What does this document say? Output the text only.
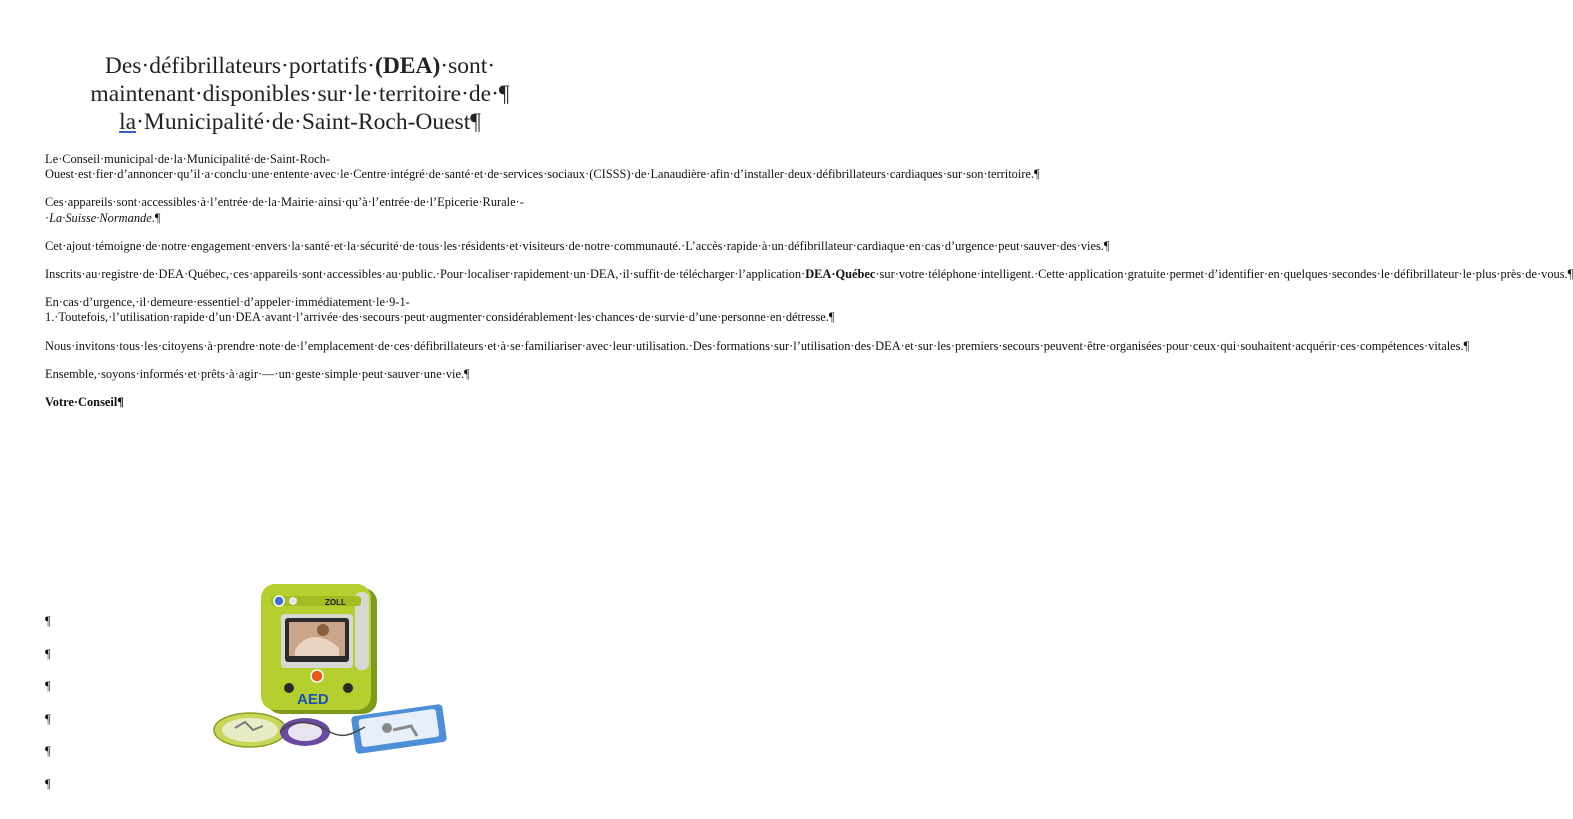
Des·défibrillateurs·portatifs·(DEA)·sont·
maintenant·disponibles·sur·le·territoire·de·¶
la·Municipalité·de·Saint-Roch-Ouest¶

Le·Conseil·municipal·de·la·Municipalité·de·Saint-Roch-Ouest·est·fier·d’annoncer·qu’il·a·conclu·une·entente·avec·le·Centre·intégré·de·santé·et·de·services·sociaux·(CISSS)·de·Lanaudière·afin·d’installer·deux·défibrillateurs·cardiaques·sur·son·territoire.¶

Ces·appareils·sont·accessibles·à·l’entrée·de·la·Mairie·ainsi·qu’à·l’entrée·de·l’Epicerie·Rurale·-·La·Suisse·Normande.¶

Cet·ajout·témoigne·de·notre·engagement·envers·la·santé·et·la·sécurité·de·tous·les·résidents·et·visiteurs·de·notre·communauté.·L’accès·rapide·à·un·défibrillateur·cardiaque·en·cas·d’urgence·peut·sauver·des·vies.¶

Inscrits·au·registre·de·DEA·Québec,·ces·appareils·sont·accessibles·au·public.·Pour·localiser·rapidement·un·DEA,·il·suffit·de·télécharger·l’application·DEA·Québec·sur·votre·téléphone·intelligent.·Cette·application·gratuite·permet·d’identifier·en·quelques·secondes·le·défibrillateur·le·plus·près·de·vous.¶

En·cas·d’urgence,·il·demeure·essentiel·d’appeler·immédiatement·le·9-1-1.·Toutefois,·l’utilisation·rapide·d’un·DEA·avant·l’arrivée·des·secours·peut·augmenter·considérablement·les·chances·de·survie·d’une·personne·en·détresse.¶

Nous·invitons·tous·les·citoyens·à·prendre·note·de·l’emplacement·de·ces·défibrillateurs·et·à·se·familiariser·avec·leur·utilisation.·Des·formations·sur·l’utilisation·des·DEA·et·sur·les·premiers·secours·peuvent·être·organisées·pour·ceux·qui·souhaitent·acquérir·ces·compétences·vitales.¶

Ensemble,·soyons·informés·et·prêts·à·agir·—·un·geste·simple·peut·sauver·une·vie.¶

Votre·Conseil¶

¶
¶
¶
¶
¶
¶
ZOLL
AED
